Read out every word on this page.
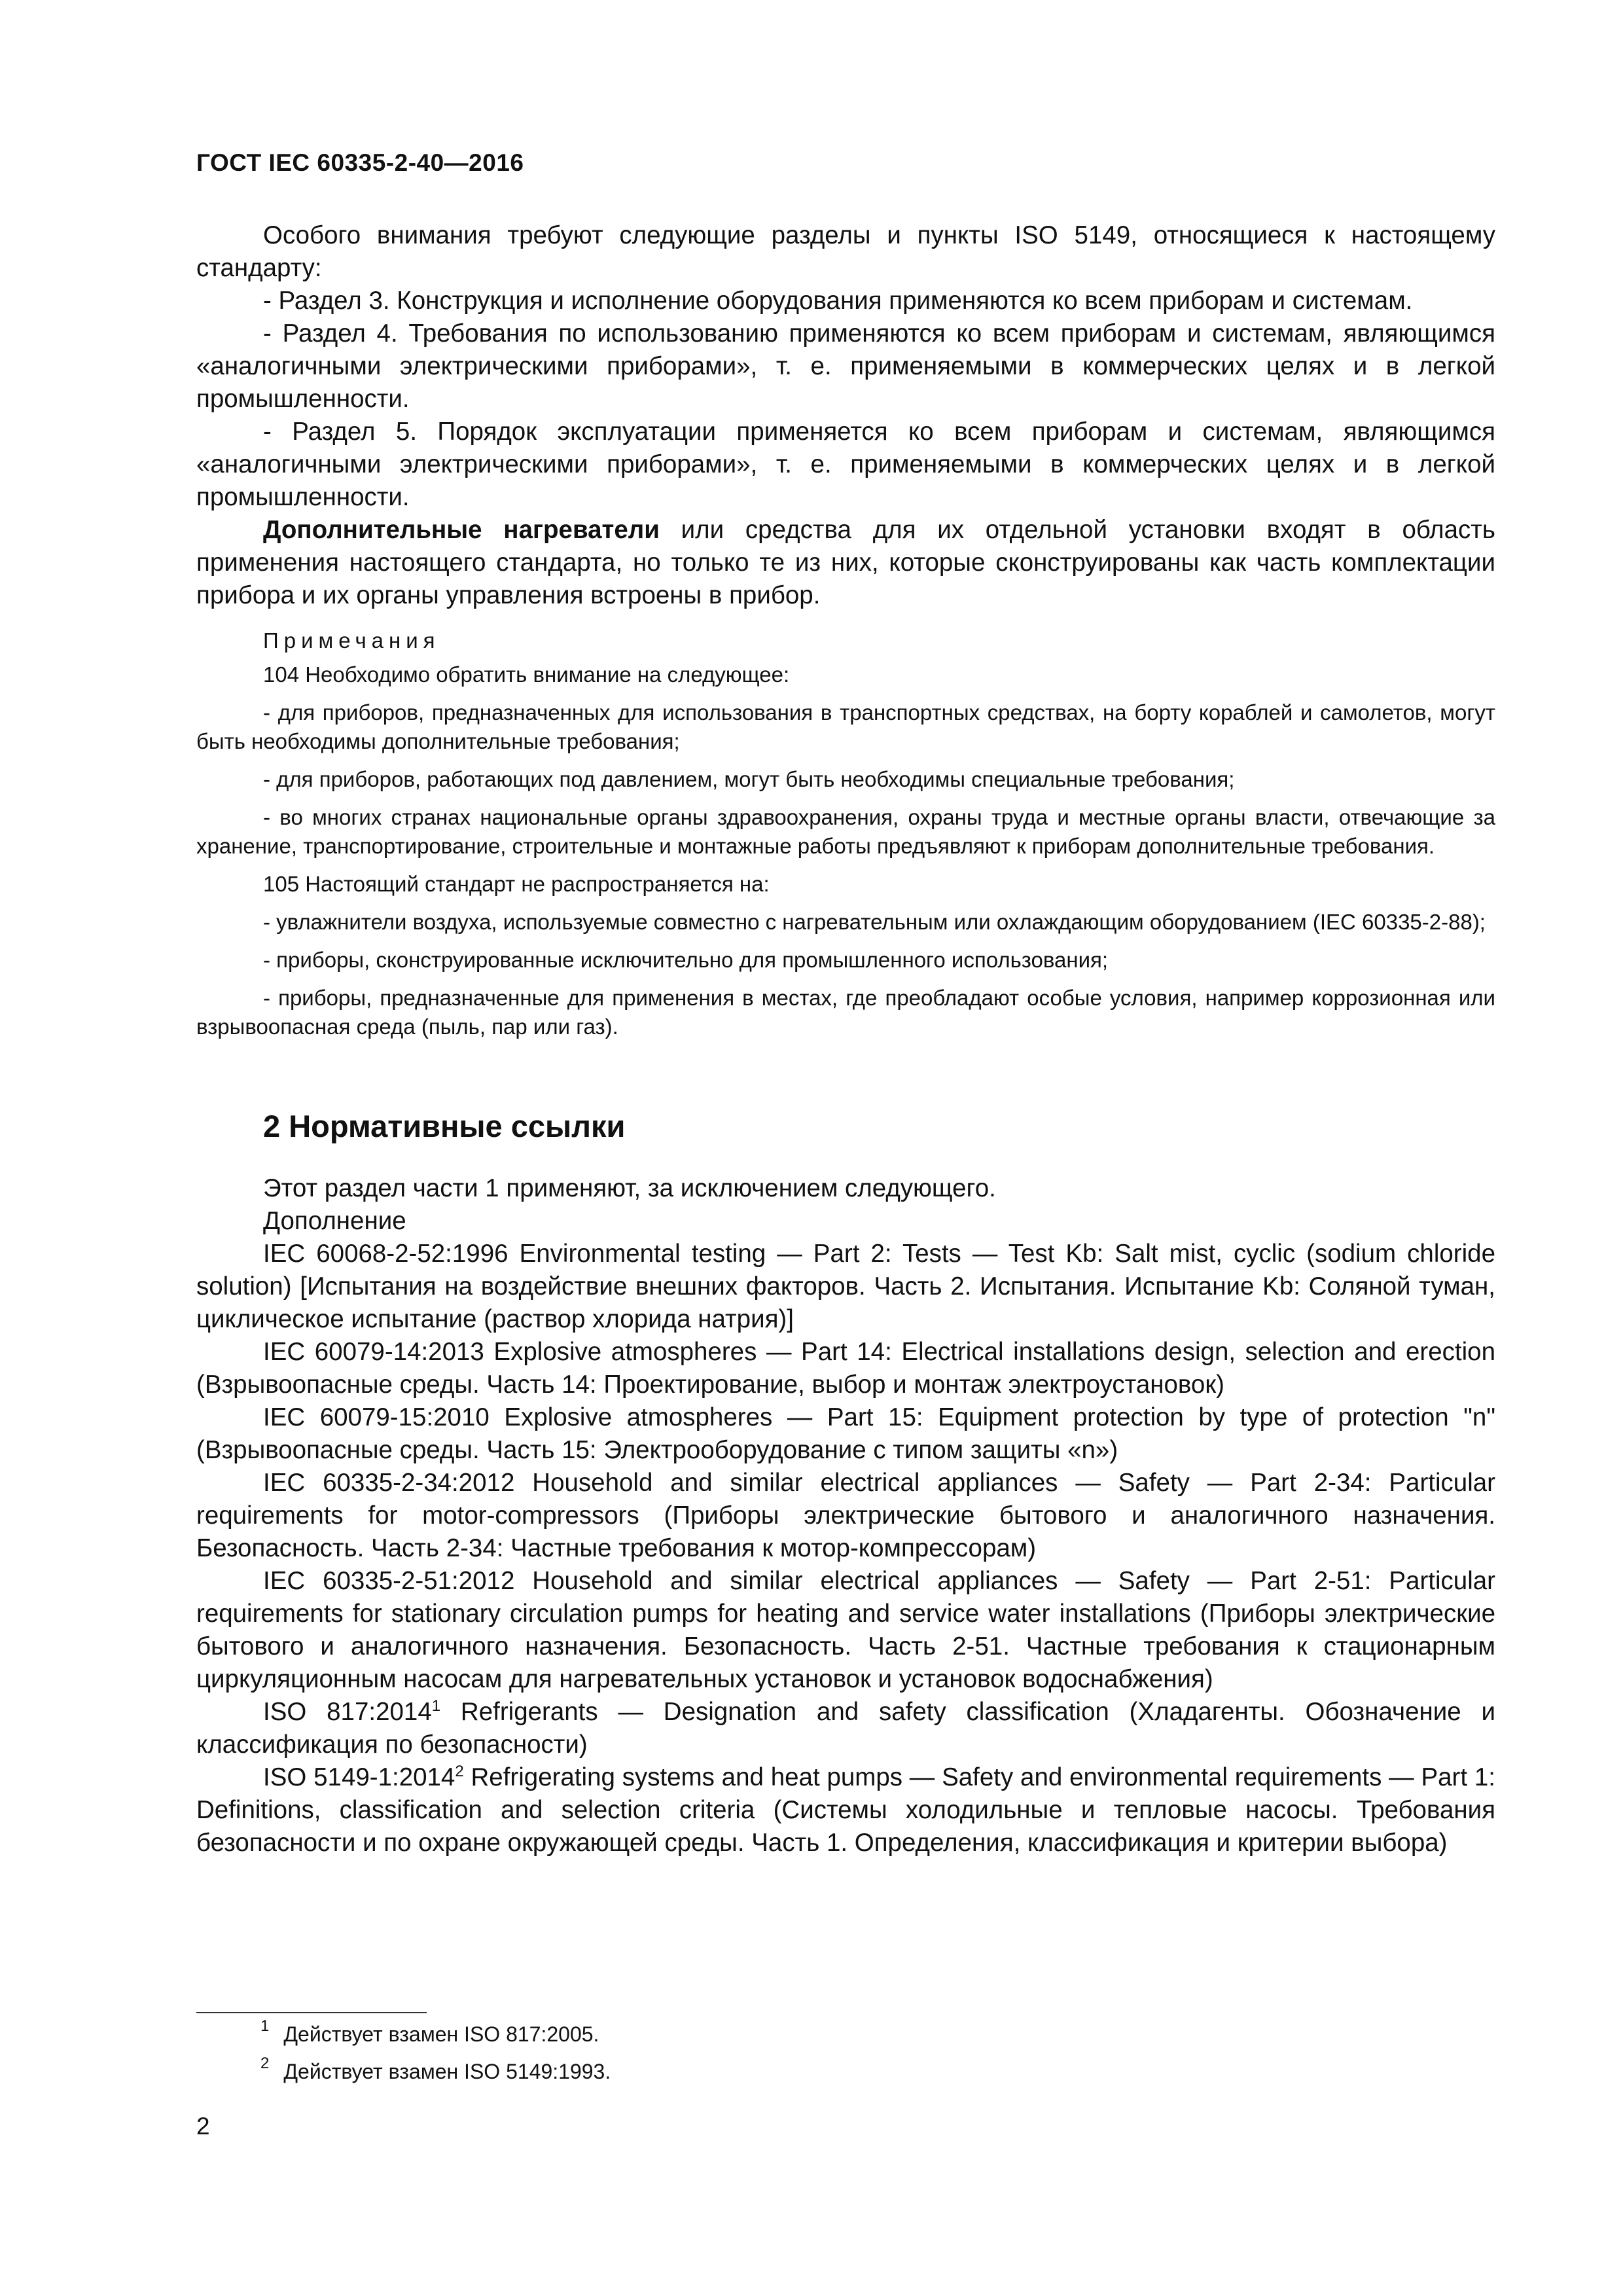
ГОСТ IEC 60335-2-40—2016

Особого внимания требуют следующие разделы и пункты ISO 5149, относящиеся к настоящему стандарту:

- Раздел 3. Конструкция и исполнение оборудования применяются ко всем приборам и системам.

- Раздел 4. Требования по использованию применяются ко всем приборам и системам, являющимся «аналогичными электрическими приборами», т. е. применяемыми в коммерческих целях и в легкой промышленности.

- Раздел 5. Порядок эксплуатации применяется ко всем приборам и системам, являющимся «аналогичными электрическими приборами», т. е. применяемыми в коммерческих целях и в легкой промышленности.

Дополнительные нагреватели или средства для их отдельной установки входят в область применения настоящего стандарта, но только те из них, которые сконструированы как часть комплектации прибора и их органы управления встроены в прибор.

Примечания

104 Необходимо обратить внимание на следующее:

- для приборов, предназначенных для использования в транспортных средствах, на борту кораблей и самолетов, могут быть необходимы дополнительные требования;

- для приборов, работающих под давлением, могут быть необходимы специальные требования;

- во многих странах национальные органы здравоохранения, охраны труда и местные органы власти, отвечающие за хранение, транспортирование, строительные и монтажные работы предъявляют к приборам дополнительные требования.

105 Настоящий стандарт не распространяется на:

- увлажнители воздуха, используемые совместно с нагревательным или охлаждающим оборудованием (IEC 60335-2-88);

- приборы, сконструированные исключительно для промышленного использования;

- приборы, предназначенные для применения в местах, где преобладают особые условия, например коррозионная или взрывоопасная среда (пыль, пар или газ).

2 Нормативные ссылки

Этот раздел части 1 применяют, за исключением следующего.

Дополнение

IEC 60068-2-52:1996 Environmental testing — Part 2: Tests — Test Kb: Salt mist, cyclic (sodium chloride solution) [Испытания на воздействие внешних факторов. Часть 2. Испытания. Испытание Kb: Соляной туман, циклическое испытание (раствор хлорида натрия)]

IEC 60079-14:2013 Explosive atmospheres — Part 14: Electrical installations design, selection and erection (Взрывоопасные среды. Часть 14: Проектирование, выбор и монтаж электроустановок)

IEC 60079-15:2010 Explosive atmospheres — Part 15: Equipment protection by type of protection "n" (Взрывоопасные среды. Часть 15: Электрооборудование с типом защиты «n»)

IEC 60335-2-34:2012 Household and similar electrical appliances — Safety — Part 2-34: Particular requirements for motor-compressors (Приборы электрические бытового и аналогичного назначения. Безопасность. Часть 2-34: Частные требования к мотор-компрессорам)

IEC 60335-2-51:2012 Household and similar electrical appliances — Safety — Part 2-51: Particular requirements for stationary circulation pumps for heating and service water installations (Приборы электрические бытового и аналогичного назначения. Безопасность. Часть 2-51. Частные требования к стационарным циркуляционным насосам для нагревательных установок и установок водоснабжения)

ISO 817:2014$^1$ Refrigerants — Designation and safety classification (Хладагенты. Обозначение и классификация по безопасности)

ISO 5149-1:2014$^2$ Refrigerating systems and heat pumps — Safety and environmental requirements — Part 1: Definitions, classification and selection criteria (Системы холодильные и тепловые насосы. Требования безопасности и по охране окружающей среды. Часть 1. Определения, классификация и критерии выбора)

$^1$ Действует взамен ISO 817:2005.
$^2$ Действует взамен ISO 5149:1993.
2
